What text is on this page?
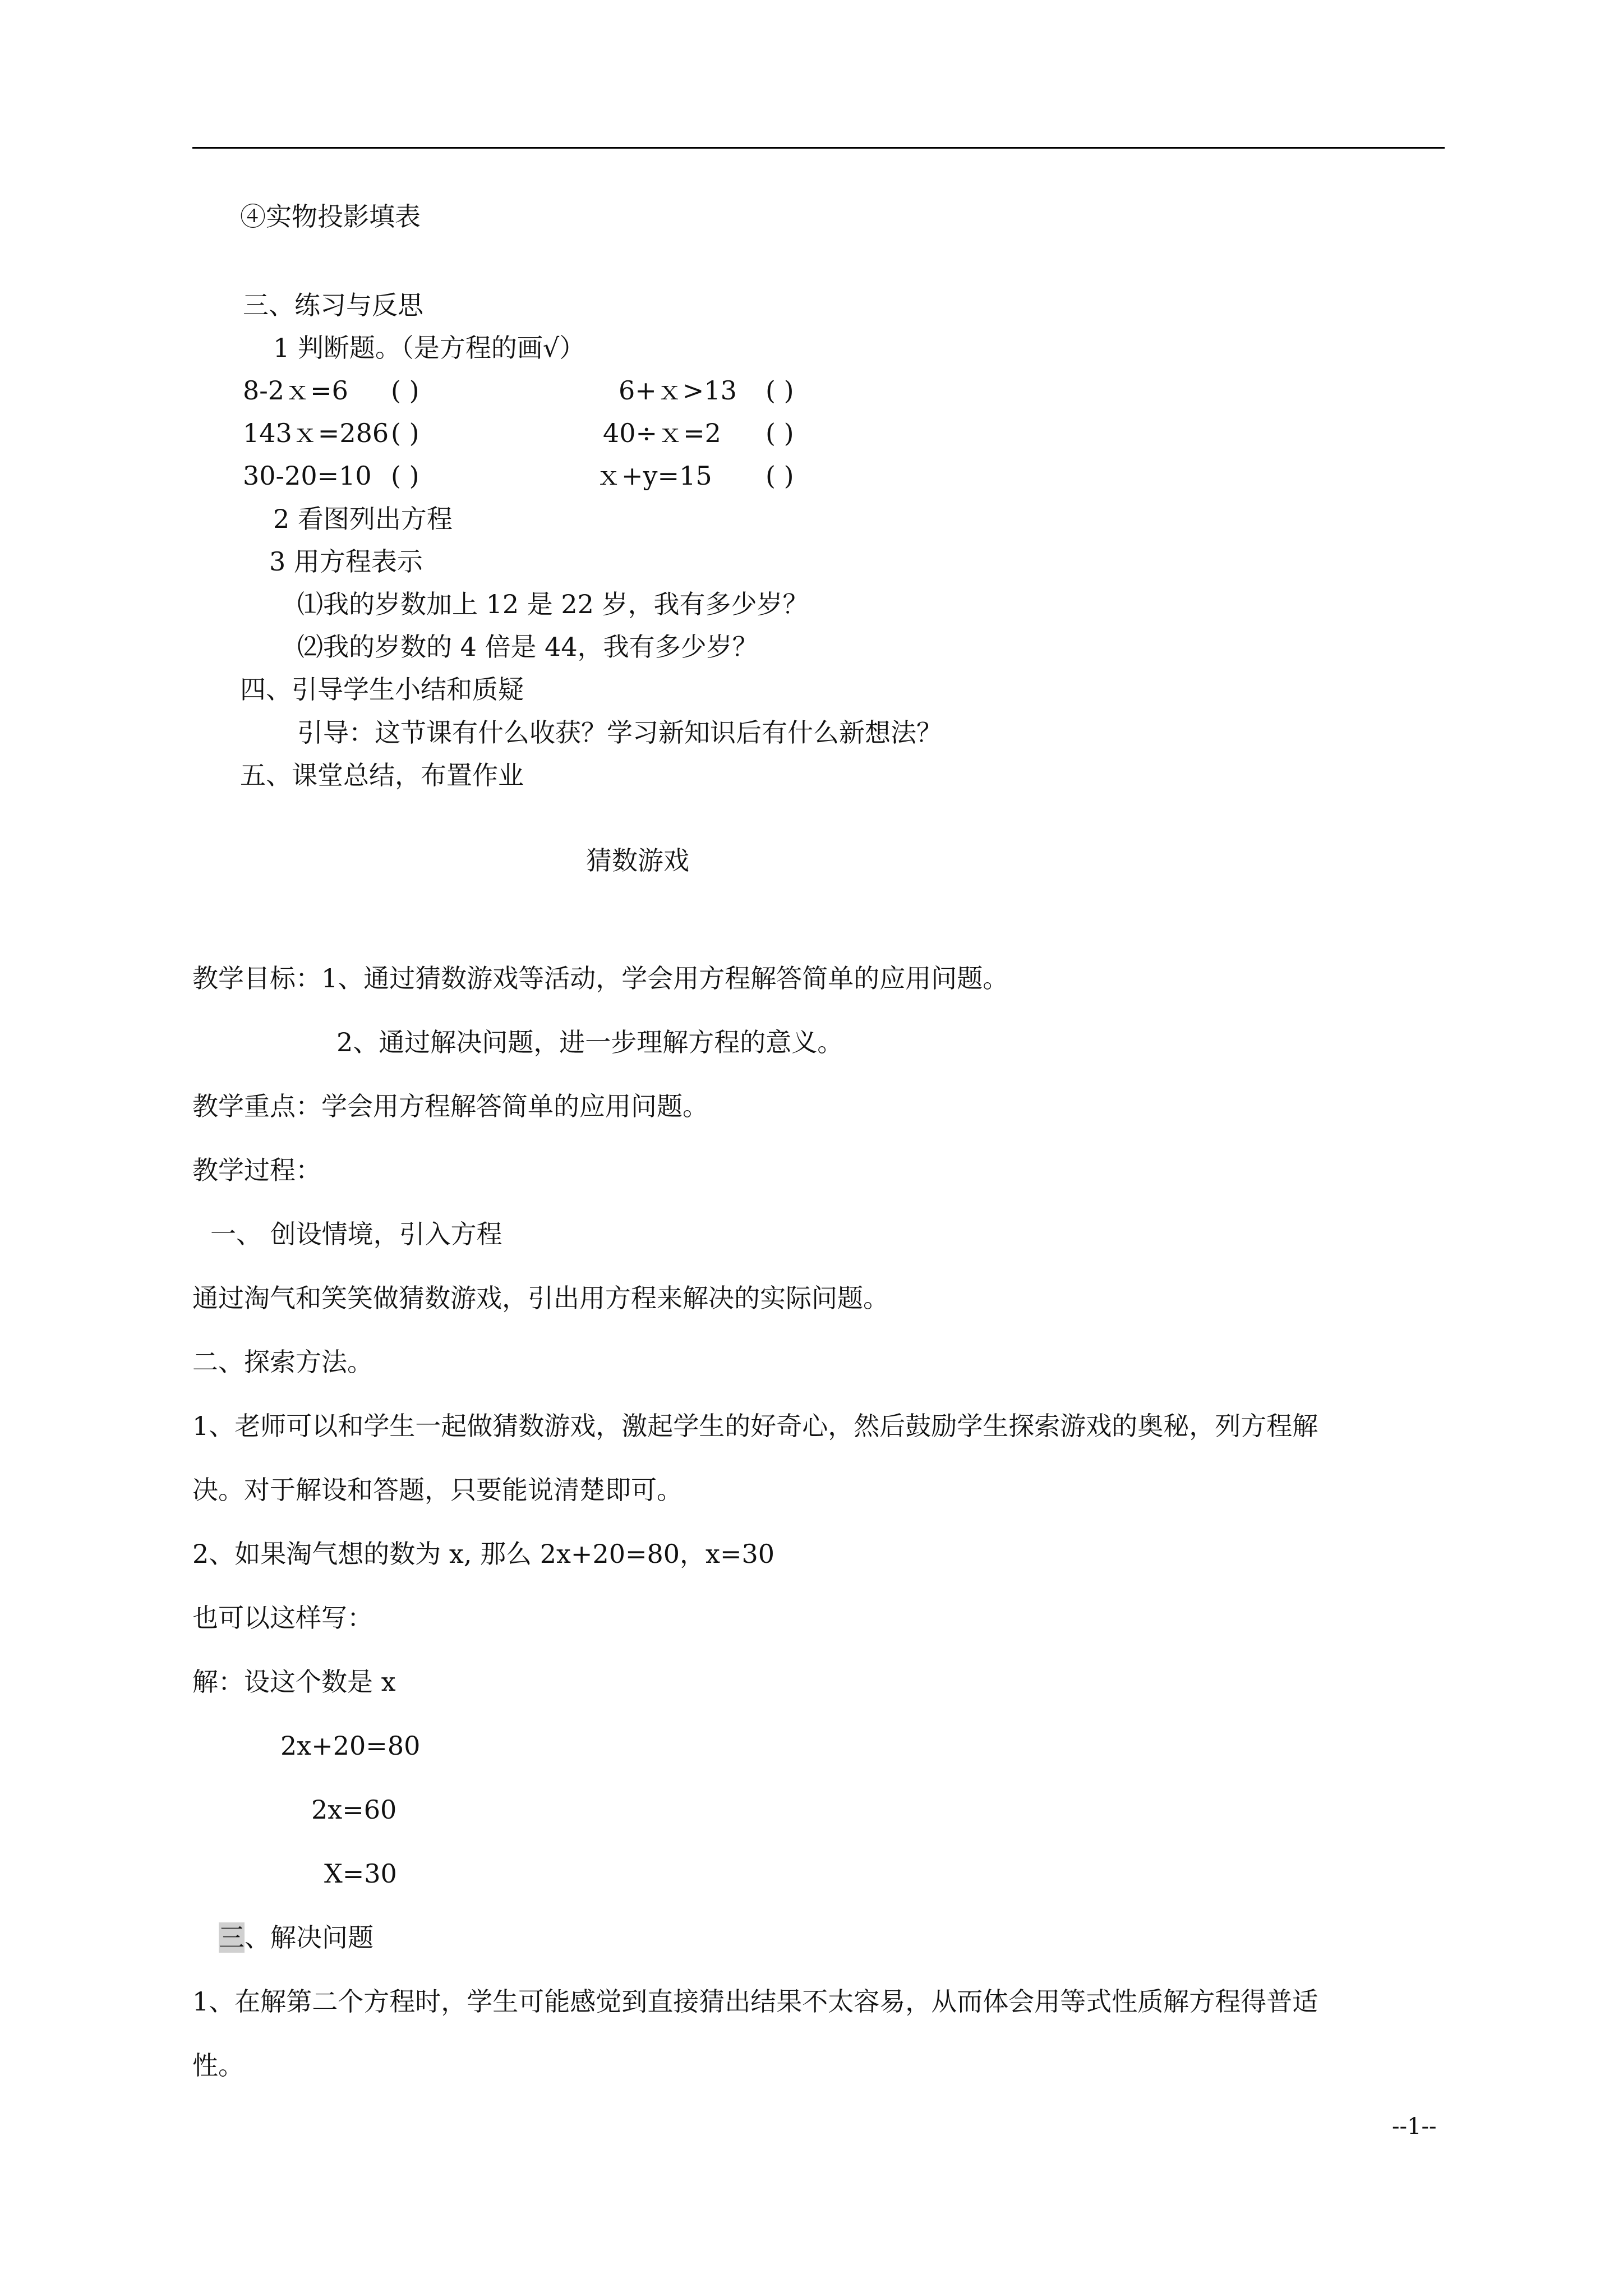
④实物投影填表
三、练习与反思
1 判断题。（是方程的画√）
8-2ｘ=6 ( )	6+ｘ>13 ( )
143ｘ=286 ( )	40÷ｘ=2 ( )
30-20=10 ( )	ｘ+y=15 ( )
2 看图列出方程
3 用方程表示
⑴我的岁数加上 12 是 22 岁，我有多少岁？
⑵我的岁数的 4 倍是 44，我有多少岁？
四、引导学生小结和质疑
引导：这节课有什么收获？学习新知识后有什么新想法？
五、课堂总结，布置作业
猜数游戏
教学目标：1、通过猜数游戏等活动，学会用方程解答简单的应用问题。
2、通过解决问题，进一步理解方程的意义。
教学重点：学会用方程解答简单的应用问题。
教学过程：
一、 创设情境，引入方程
通过淘气和笑笑做猜数游戏，引出用方程来解决的实际问题。
二、探索方法。
1、老师可以和学生一起做猜数游戏，激起学生的好奇心，然后鼓励学生探索游戏的奥秘，列方程解
决。对于解设和答题，只要能说清楚即可。
2、如果淘气想的数为 x, 那么 2x+20=80，x=30
也可以这样写：
解：设这个数是 x
2x+20=80
2x=60
X=30
三、解决问题
1、在解第二个方程时，学生可能感觉到直接猜出结果不太容易，从而体会用等式性质解方程得普适
性。
--1--
